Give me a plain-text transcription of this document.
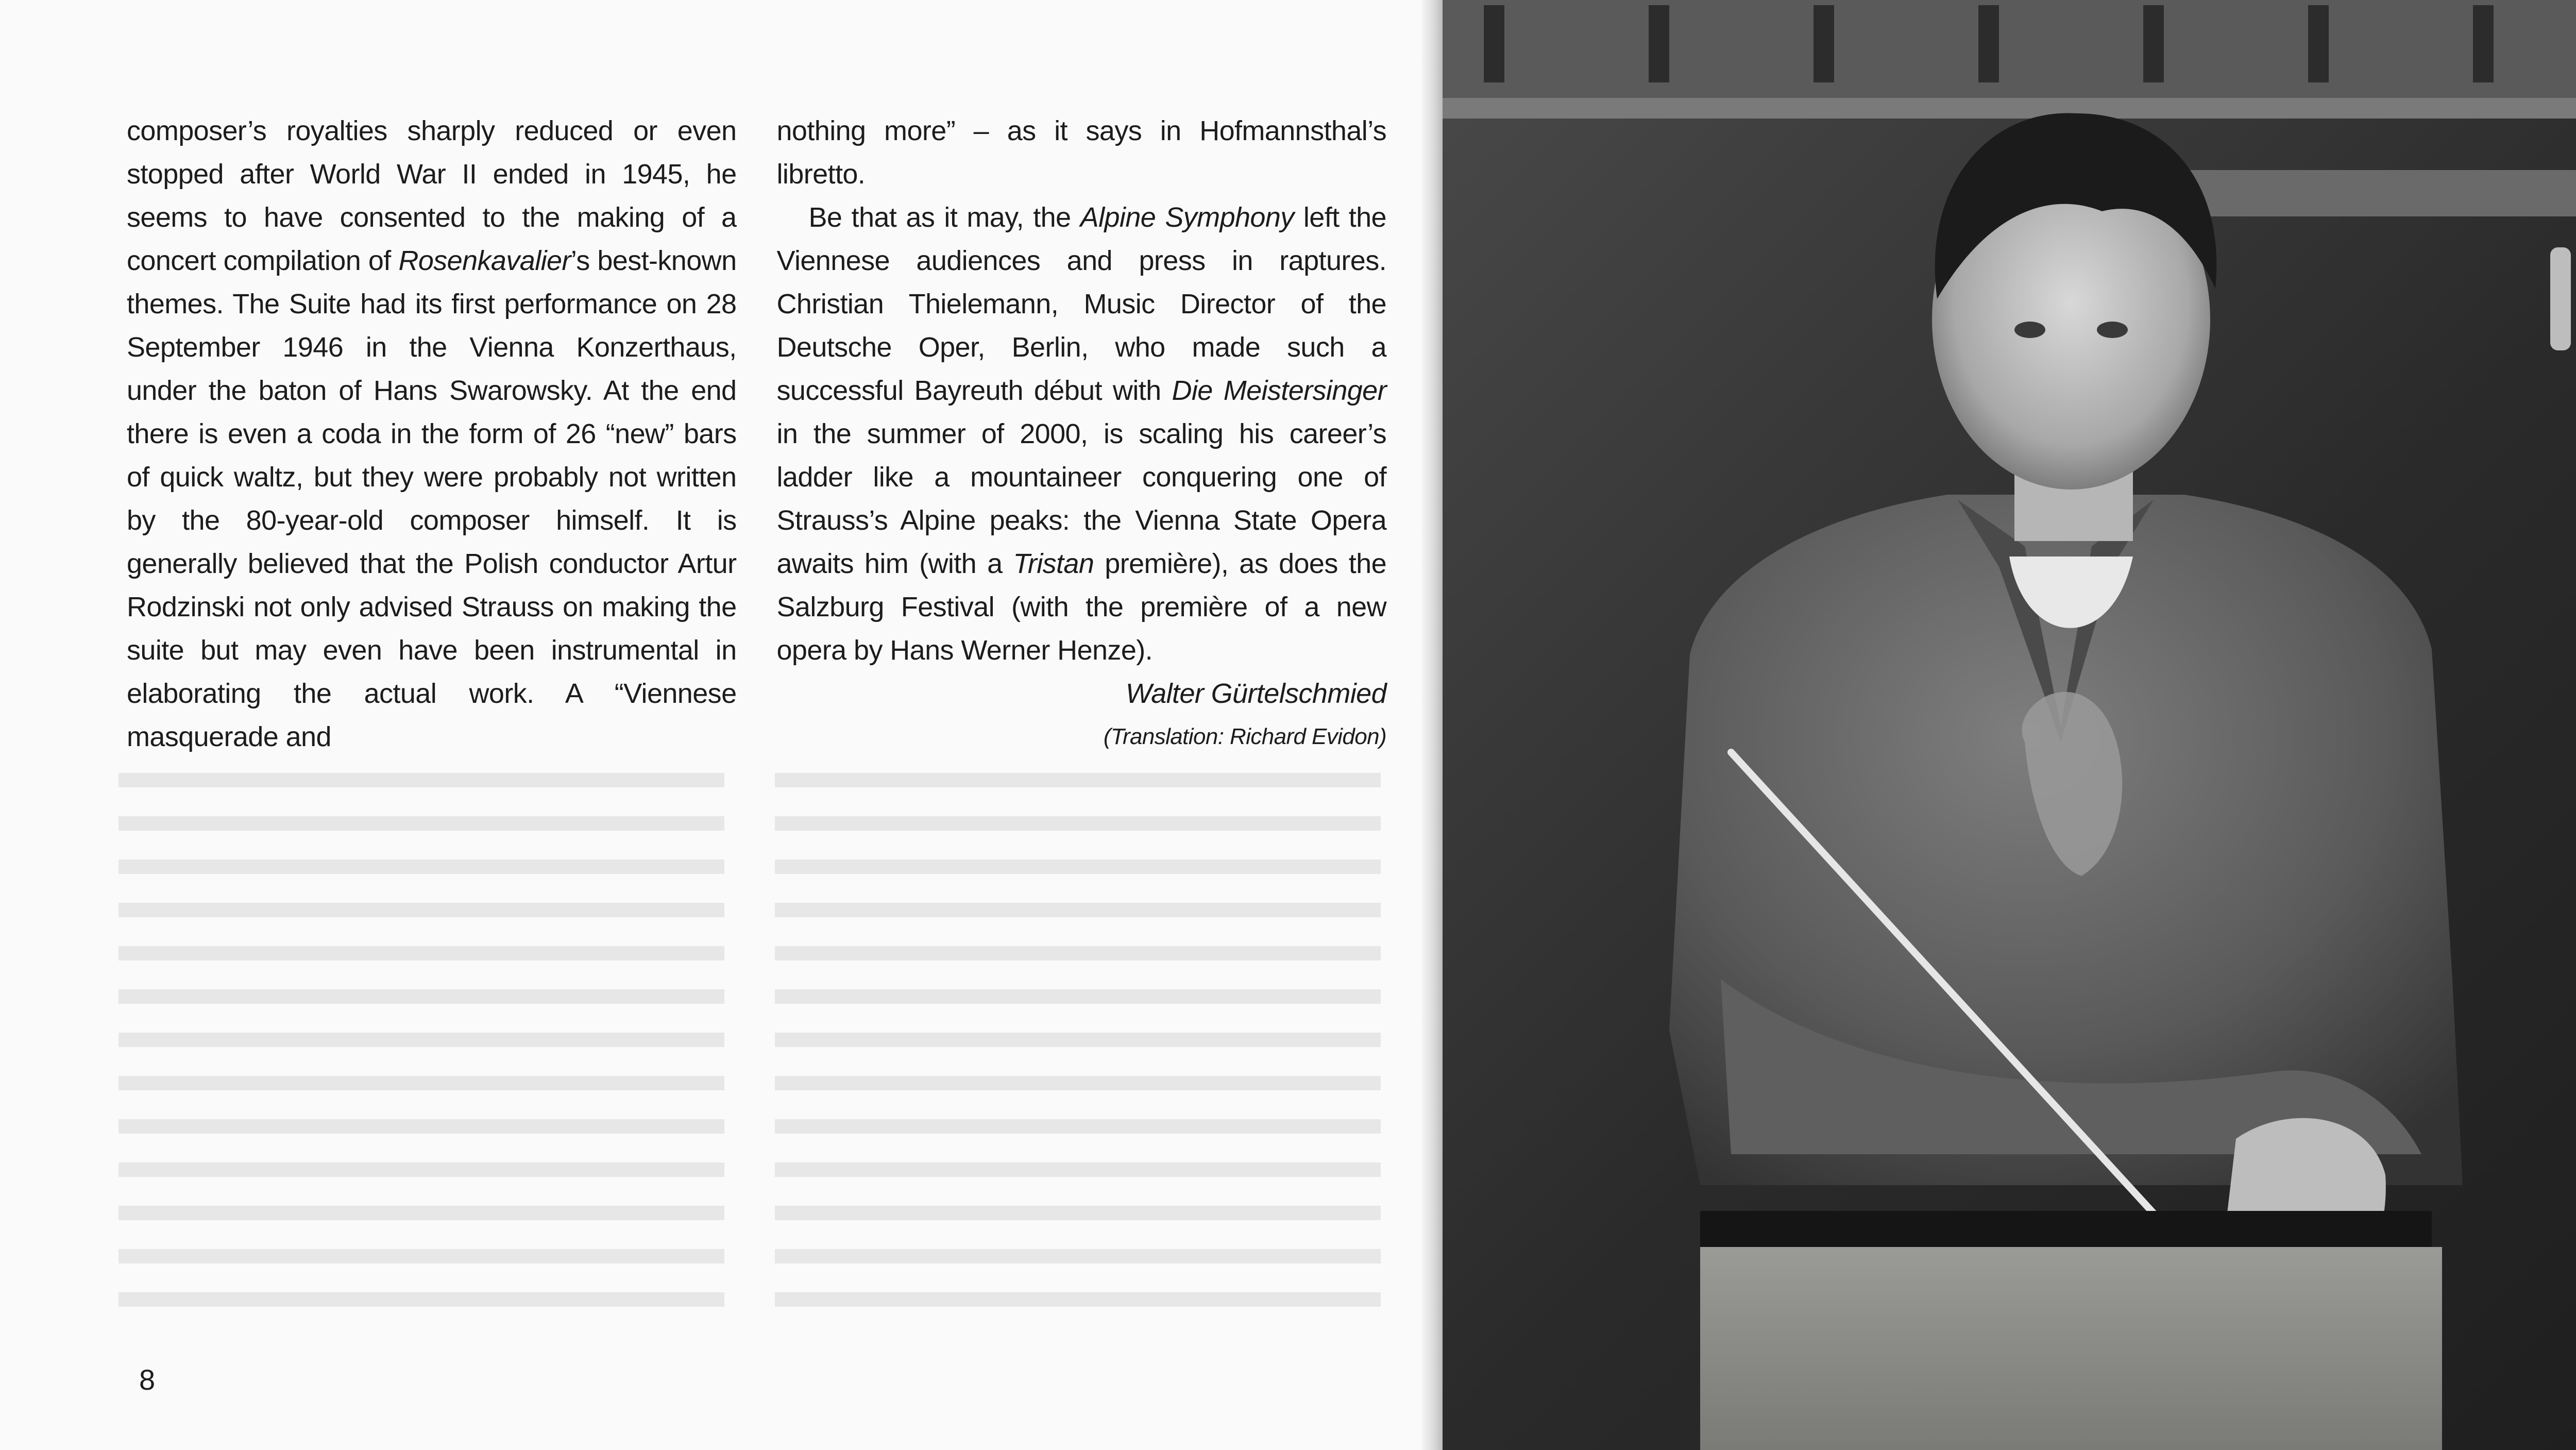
composer’s royalties sharply reduced or even stopped after World War II ended in 1945, he seems to have consented to the making of a concert compilation of Rosenkavalier’s best-known themes. The Suite had its first performance on 28 September 1946 in the Vienna Konzerthaus, under the baton of Hans Swarowsky. At the end there is even a coda in the form of 26 “new” bars of quick waltz, but they were probably not written by the 80-year-old composer himself. It is generally believed that the Polish conductor Artur Rodzinski not only advised Strauss on making the suite but may even have been instrumental in elaborating the actual work. A “Viennese masquerade and

nothing more” – as it says in Hofmannsthal’s libretto.

Be that as it may, the Alpine Symphony left the Viennese audiences and press in raptures. Christian Thielemann, Music Director of the Deutsche Oper, Berlin, who made such a successful Bayreuth début with Die Meistersinger in the summer of 2000, is scaling his career’s ladder like a mountaineer conquering one of Strauss’s Alpine peaks: the Vienna State Opera awaits him (with a Tristan première), as does the Salzburg Festival (with the première of a new opera by Hans Werner Henze).

Walter Gürtelschmied

(Translation: Richard Evidon)

8
